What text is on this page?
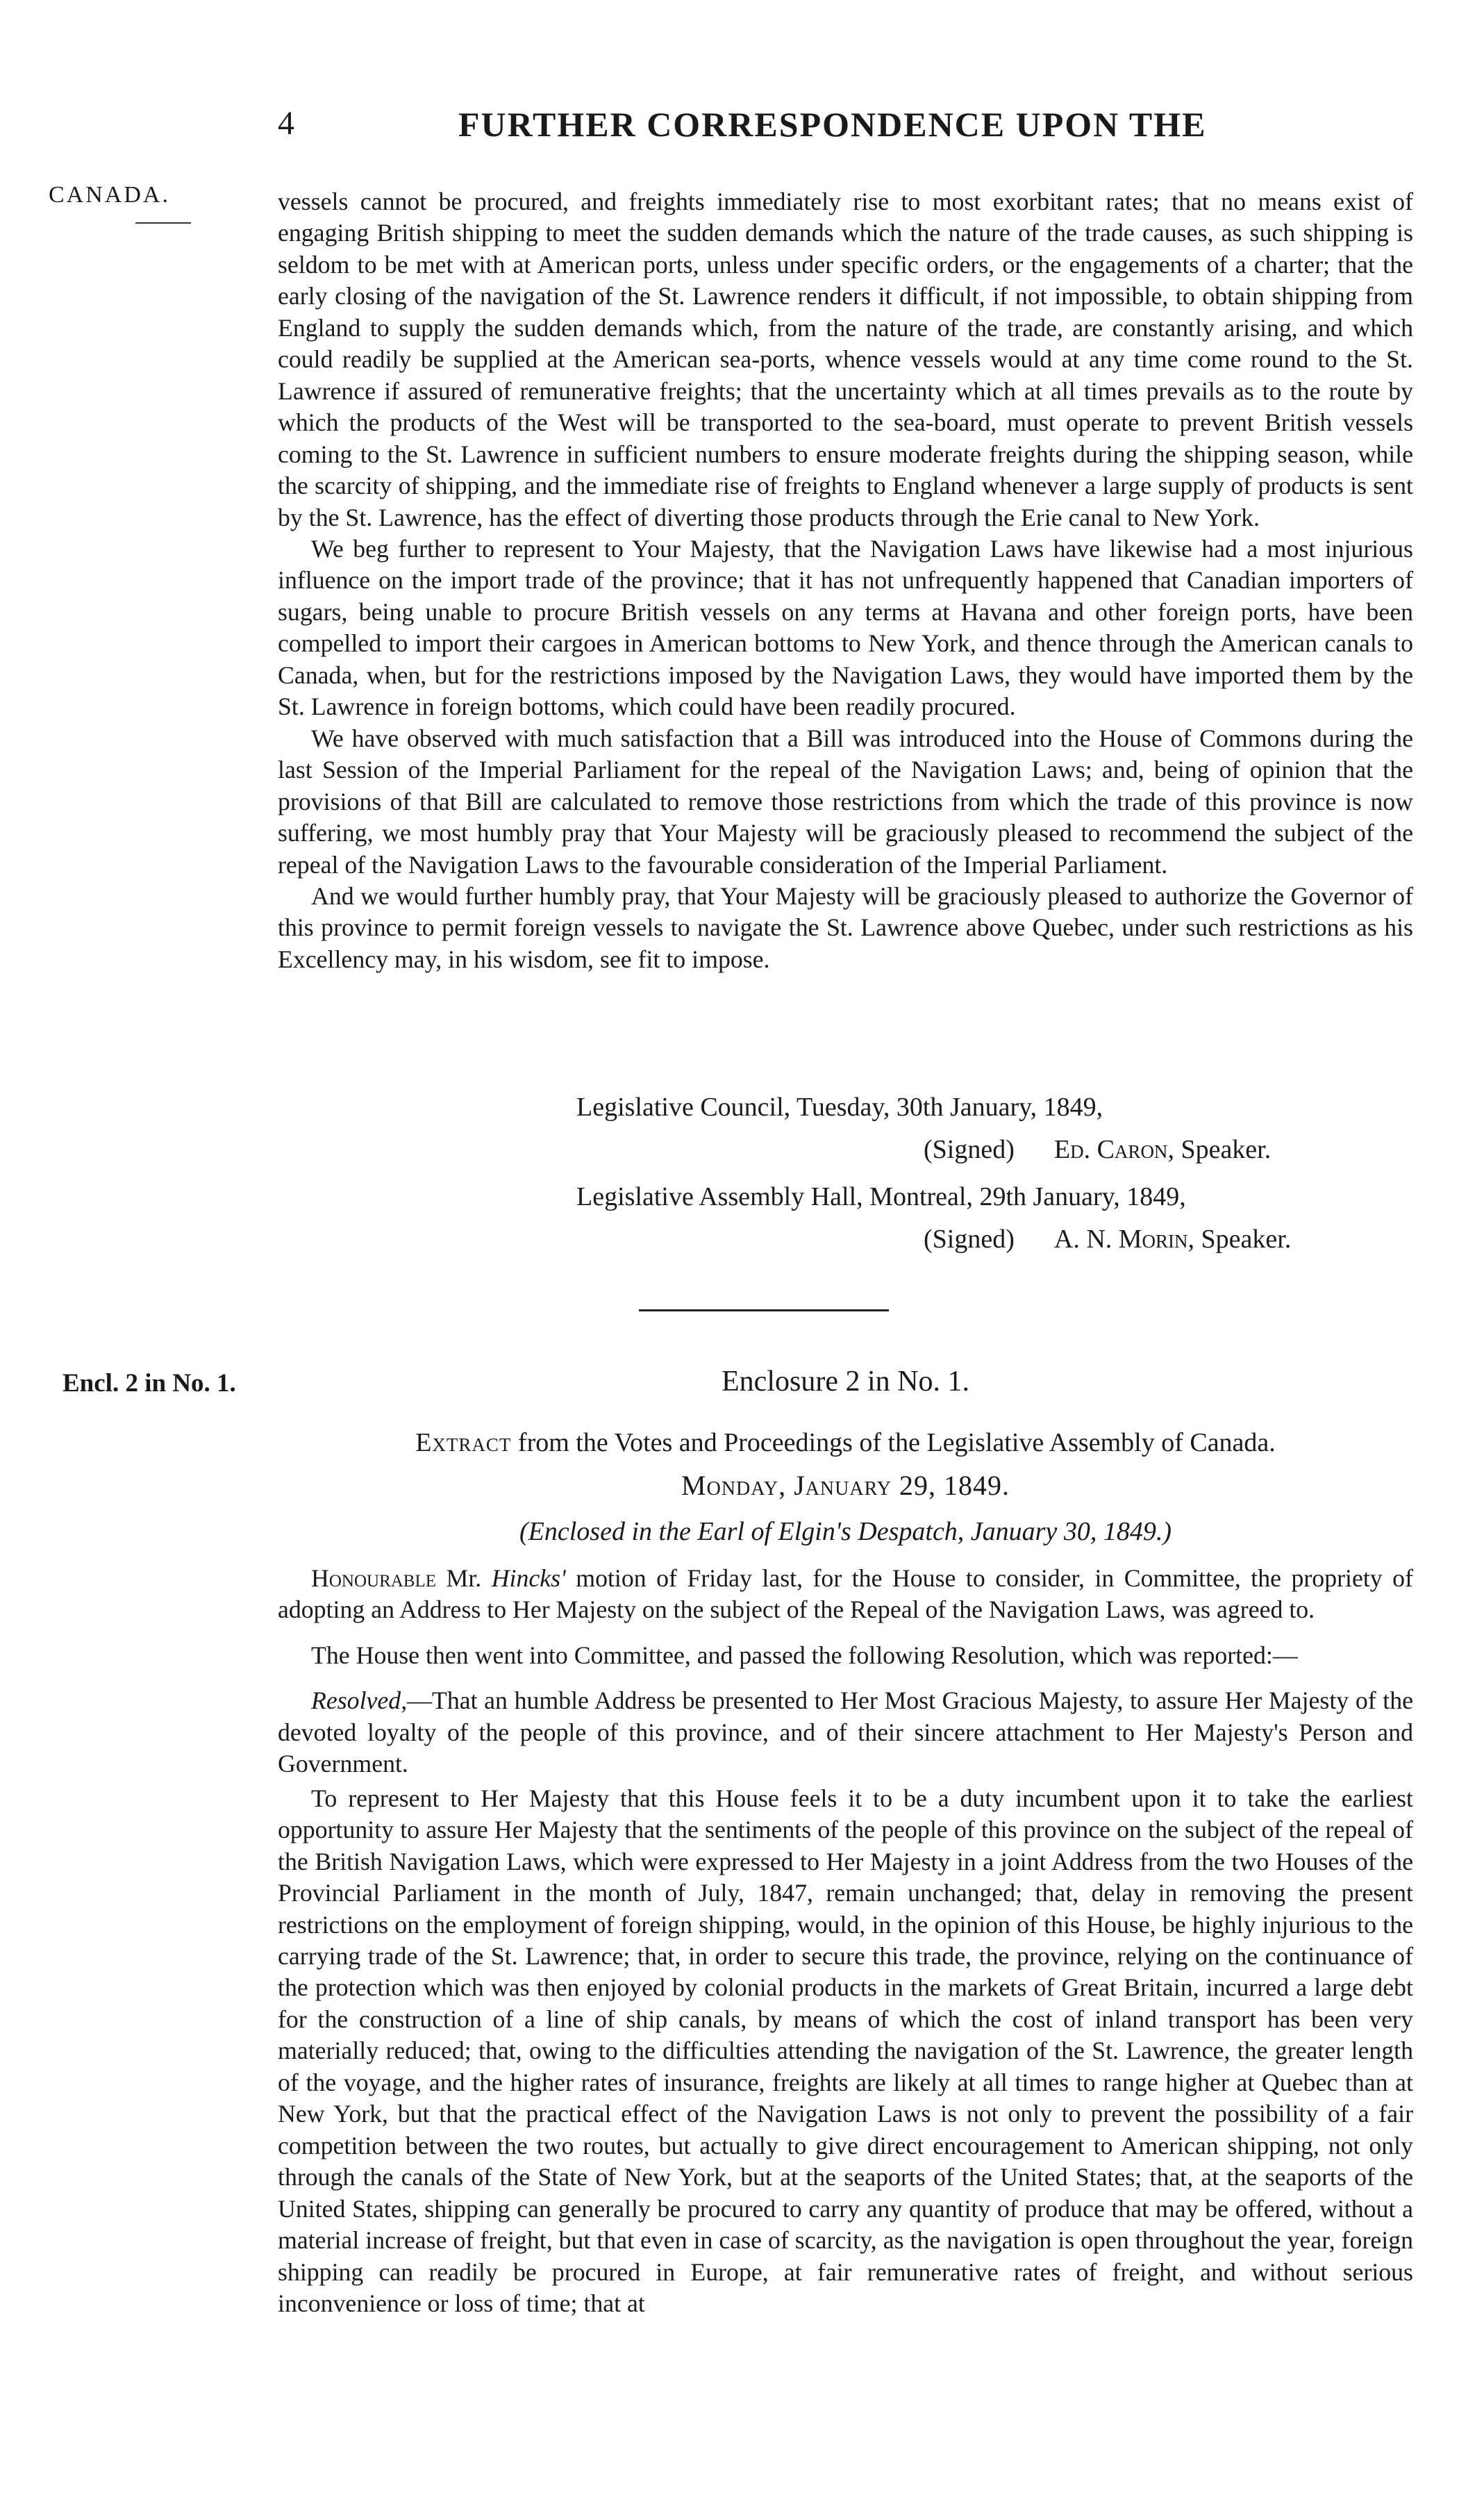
4	FURTHER CORRESPONDENCE UPON THE
CANADA.	vessels cannot be procured, and freights immediately rise to most exorbitant rates; that no means exist of engaging British shipping to meet the sudden demands which the nature of the trade causes, as such shipping is seldom to be met with at American ports, unless under specific orders, or the engagements of a charter; that the early closing of the navigation of the St. Lawrence renders it difficult, if not impossible, to obtain shipping from England to supply the sudden demands which, from the nature of the trade, are constantly arising, and which could readily be supplied at the American sea-ports, whence vessels would at any time come round to the St. Lawrence if assured of remunerative freights; that the uncertainty which at all times prevails as to the route by which the products of the West will be transported to the sea-board, must operate to prevent British vessels coming to the St. Lawrence in sufficient numbers to ensure moderate freights during the shipping season, while the scarcity of shipping, and the immediate rise of freights to England whenever a large supply of products is sent by the St. Lawrence, has the effect of diverting those products through the Erie canal to New York.

We beg further to represent to Your Majesty, that the Navigation Laws have likewise had a most injurious influence on the import trade of the province; that it has not unfrequently happened that Canadian importers of sugars, being unable to procure British vessels on any terms at Havana and other foreign ports, have been compelled to import their cargoes in American bottoms to New York, and thence through the American canals to Canada, when, but for the restrictions imposed by the Navigation Laws, they would have imported them by the St. Lawrence in foreign bottoms, which could have been readily procured.

We have observed with much satisfaction that a Bill was introduced into the House of Commons during the last Session of the Imperial Parliament for the repeal of the Navigation Laws; and, being of opinion that the provisions of that Bill are calculated to remove those restrictions from which the trade of this province is now suffering, we most humbly pray that Your Majesty will be graciously pleased to recommend the subject of the repeal of the Navigation Laws to the favourable consideration of the Imperial Parliament.

And we would further humbly pray, that Your Majesty will be graciously pleased to authorize the Governor of this province to permit foreign vessels to navigate the St. Lawrence above Quebec, under such restrictions as his Excellency may, in his wisdom, see fit to impose.

Legislative Council, Tuesday, 30th January, 1849,
(Signed) Ed. Caron, Speaker.
Legislative Assembly Hall, Montreal, 29th January, 1849,
(Signed) A. N. Morin, Speaker.
Encl. 2 in No. 1.	Enclosure 2 in No. 1.
Extract from the Votes and Proceedings of the Legislative Assembly of Canada.
Monday, January 29, 1849.
(Enclosed in the Earl of Elgin's Despatch, January 30, 1849.)

Honourable Mr. Hincks' motion of Friday last, for the House to consider, in Committee, the propriety of adopting an Address to Her Majesty on the subject of the Repeal of the Navigation Laws, was agreed to.

The House then went into Committee, and passed the following Resolution, which was reported:—

Resolved,—That an humble Address be presented to Her Most Gracious Majesty, to assure Her Majesty of the devoted loyalty of the people of this province, and of their sincere attachment to Her Majesty's Person and Government.

To represent to Her Majesty that this House feels it to be a duty incumbent upon it to take the earliest opportunity to assure Her Majesty that the sentiments of the people of this province on the subject of the repeal of the British Navigation Laws, which were expressed to Her Majesty in a joint Address from the two Houses of the Provincial Parliament in the month of July, 1847, remain unchanged; that, delay in removing the present restrictions on the employment of foreign shipping, would, in the opinion of this House, be highly injurious to the carrying trade of the St. Lawrence; that, in order to secure this trade, the province, relying on the continuance of the protection which was then enjoyed by colonial products in the markets of Great Britain, incurred a large debt for the construction of a line of ship canals, by means of which the cost of inland transport has been very materially reduced; that, owing to the difficulties attending the navigation of the St. Lawrence, the greater length of the voyage, and the higher rates of insurance, freights are likely at all times to range higher at Quebec than at New York, but that the practical effect of the Navigation Laws is not only to prevent the possibility of a fair competition between the two routes, but actually to give direct encouragement to American shipping, not only through the canals of the State of New York, but at the seaports of the United States; that, at the seaports of the United States, shipping can generally be procured to carry any quantity of produce that may be offered, without a material increase of freight, but that even in case of scarcity, as the navigation is open throughout the year, foreign shipping can readily be procured in Europe, at fair remunerative rates of freight, and without serious inconvenience or loss of time; that at
